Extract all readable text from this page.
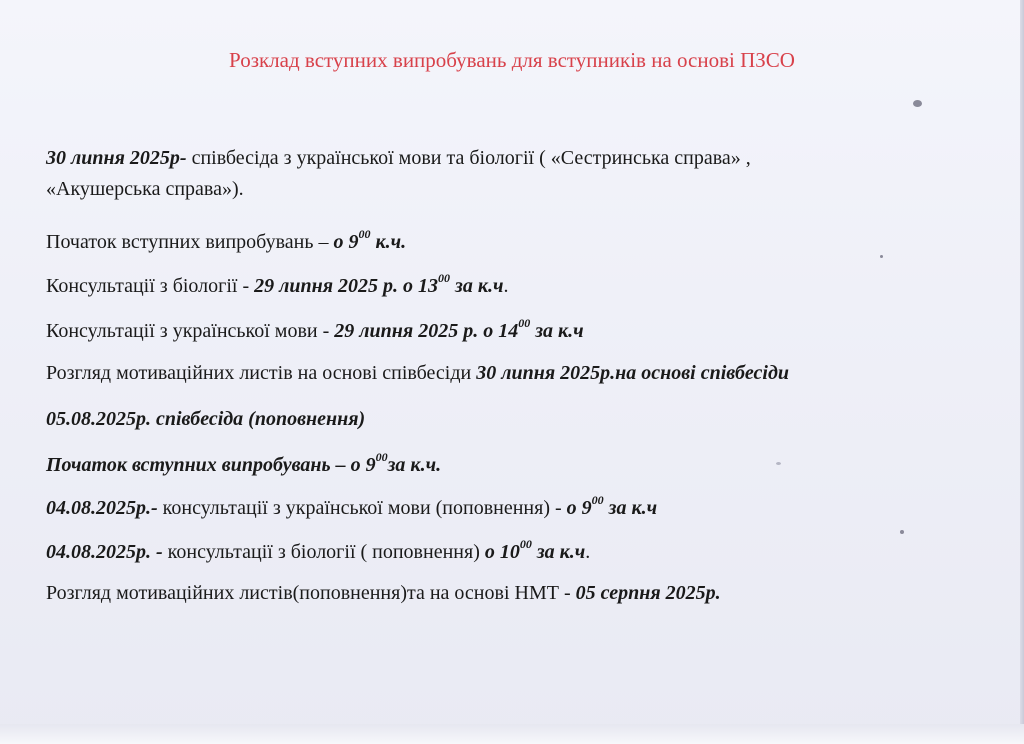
Розклад вступних випробувань для вступників на основі ПЗСО
30 липня 2025р- співбесіда з української мови та біології ( «Сестринська справа» ,
«Акушерська справа»).
Початок вступних випробувань – о $9^{00}$ к.ч.
Консультації з біології - 29 липня 2025 р. о $13^{00}$ за к.ч.
Консультації з української мови - 29 липня 2025 р. о $14^{00}$ за к.ч
Розгляд мотиваційних листів на основі співбесіди 30 липня 2025р.на основі співбесіди
05.08.2025р. співбесіда (поповнення)
Початок вступних випробувань – о $9^{00}за$ к.ч.
04.08.2025р.- консультації з української мови (поповнення) - о $9^{00}$ за к.ч
04.08.2025р. - консультації з біології ( поповнення) о $10^{00}$ за к.ч.
Розгляд мотиваційних листів(поповнення)та на основі НМТ - 05 серпня 2025р.
